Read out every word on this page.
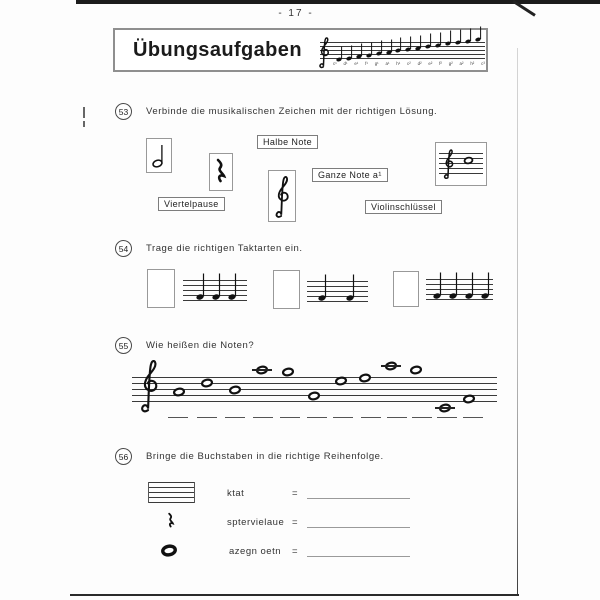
- 17 -
Übungsaufgaben
c¹ d¹ e¹ f¹ g¹ a¹ h¹ c² d² e² f² g² a² h² c³
53 Verbinde die musikalischen Zeichen mit der richtigen Lösung.
Halbe Note
Viertelpause
Ganze Note a¹
Violinschlüssel
54 Trage die richtigen Taktarten ein.
55 Wie heißen die Noten?
56 Bringe die Buchstaben in die richtige Reihenfolge.
ktat	=
sptervielaue =
azegn oetn =
